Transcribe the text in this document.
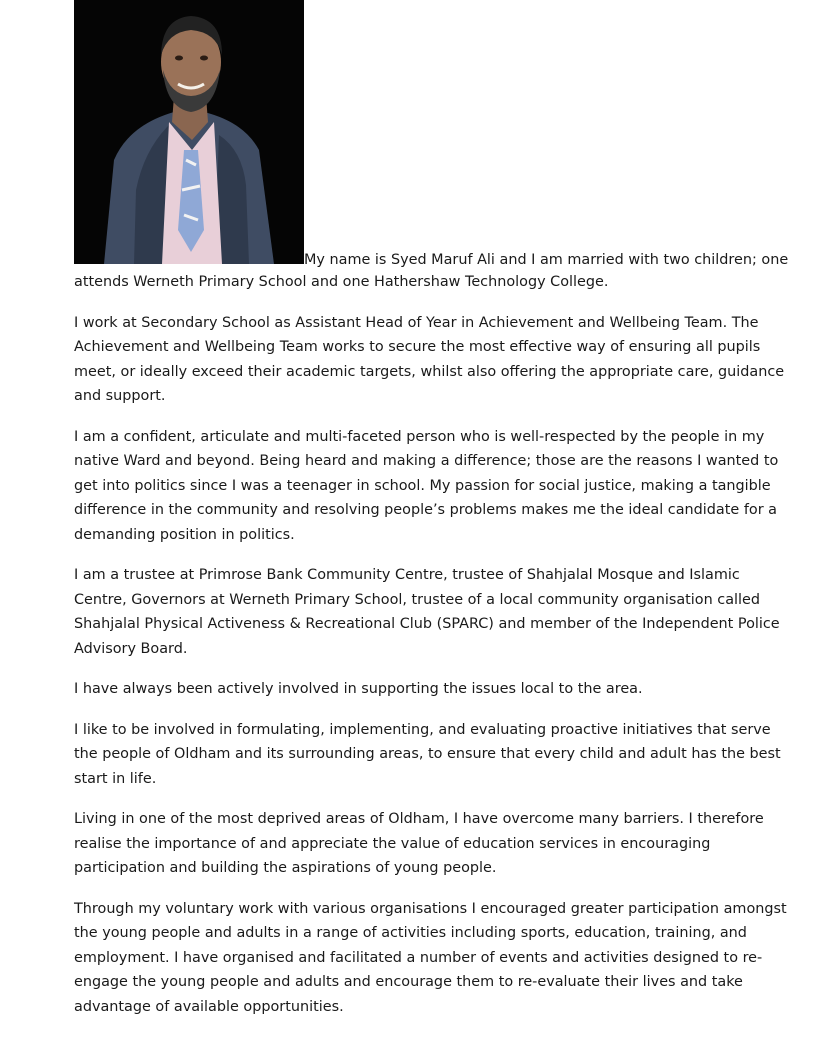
My name is Syed Maruf Ali and I am married with two children; one

attends Werneth Primary School and one Hathershaw Technology College.

I work at Secondary School as Assistant Head of Year in Achievement and Wellbeing Team. The Achievement and Wellbeing Team works to secure the most effective way of ensuring all pupils meet, or ideally exceed their academic targets, whilst also offering the appropriate care, guidance and support.

I am a confident, articulate and multi-faceted person who is well-respected by the people in my native Ward and beyond. Being heard and making a difference; those are the reasons I wanted to get into politics since I was a teenager in school. My passion for social justice, making a tangible difference in the community and resolving people’s problems makes me the ideal candidate for a demanding position in politics.

I am a trustee at Primrose Bank Community Centre, trustee of Shahjalal Mosque and Islamic Centre, Governors at Werneth Primary School, trustee of a local community organisation called Shahjalal Physical Activeness & Recreational Club (SPARC) and member of the Independent Police Advisory Board.

I have always been actively involved in supporting the issues local to the area.

I like to be involved in formulating, implementing, and evaluating proactive initiatives that serve the people of Oldham and its surrounding areas, to ensure that every child and adult has the best start in life.

Living in one of the most deprived areas of Oldham, I have overcome many barriers. I therefore realise the importance of and appreciate the value of education services in encouraging participation and building the aspirations of young people.

Through my voluntary work with various organisations I encouraged greater participation amongst the young people and adults in a range of activities including sports, education, training, and employment. I have organised and facilitated a number of events and activities designed to re-engage the young people and adults and encourage them to re-evaluate their lives and take advantage of available opportunities.
